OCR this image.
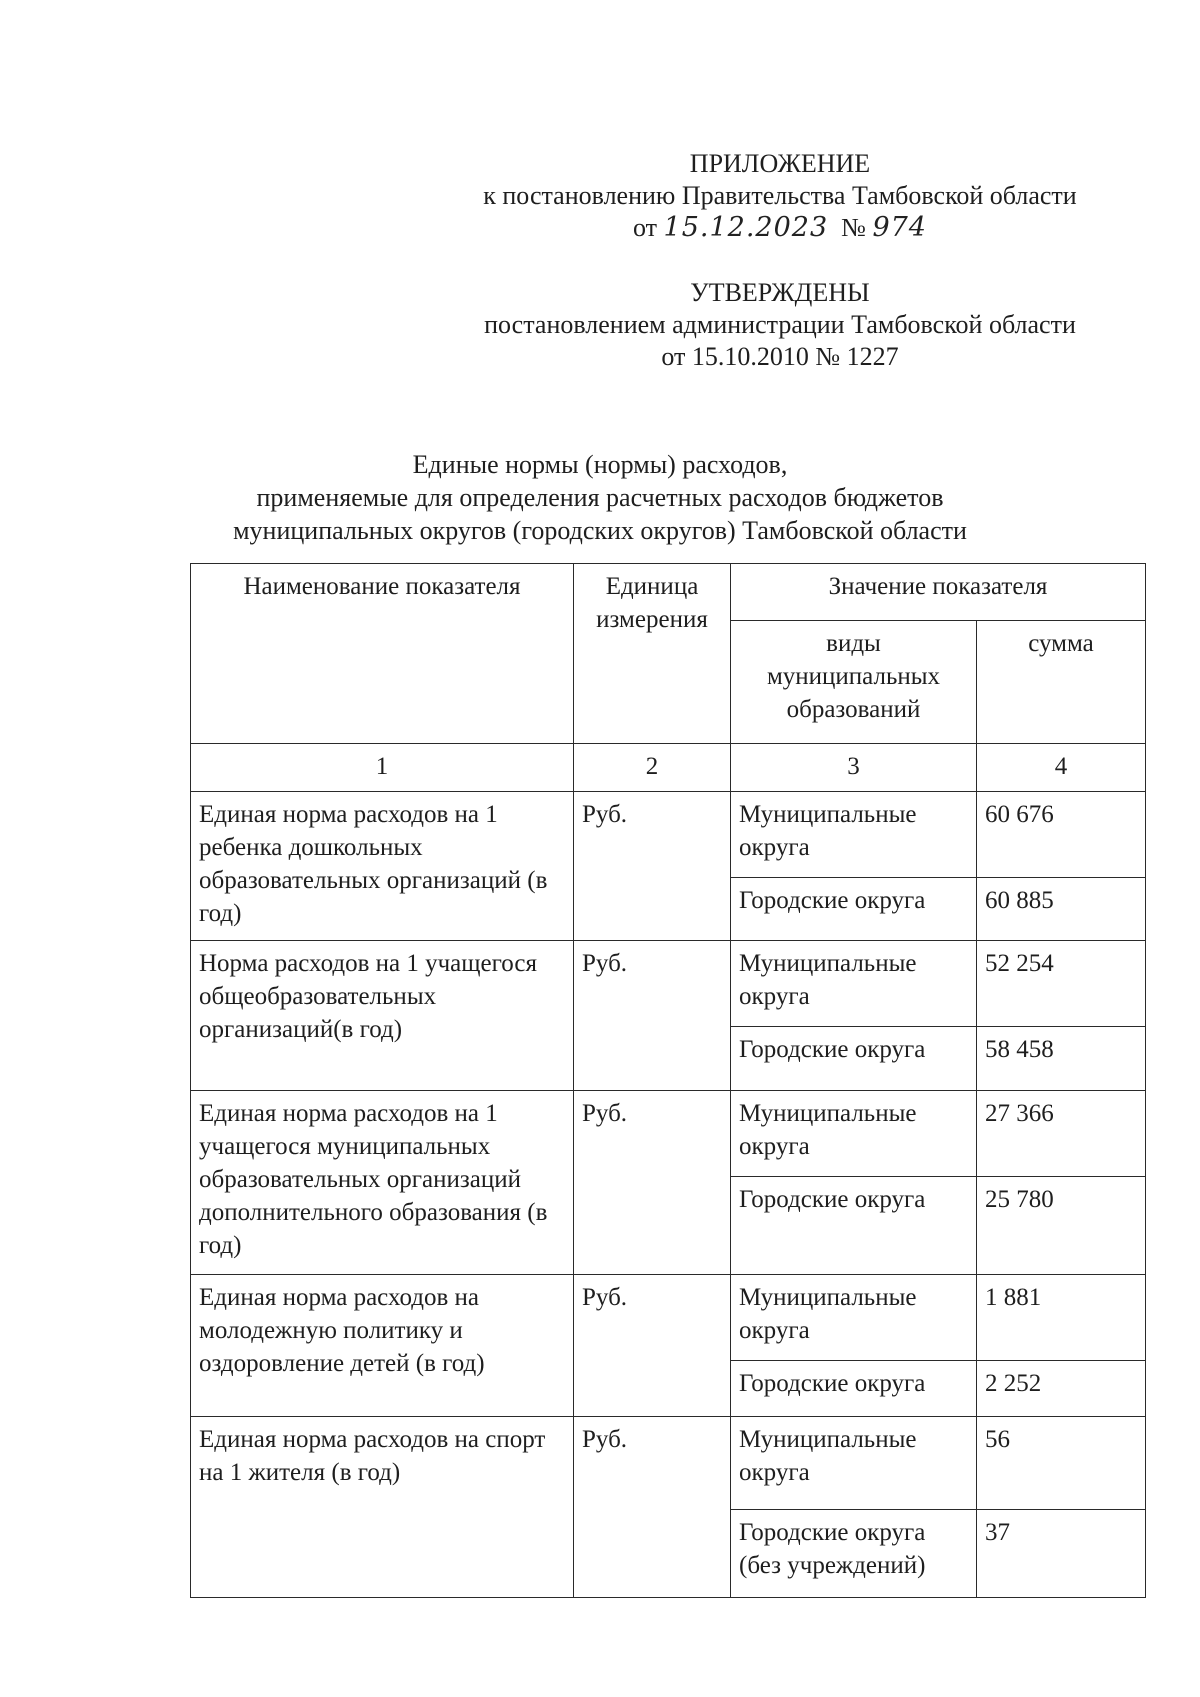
ПРИЛОЖЕНИЕ
к постановлению Правительства Тамбовской области
от 15.12.2023 № 974
УТВЕРЖДЕНЫ
постановлением администрации Тамбовской области
от 15.10.2010 № 1227
Единые нормы (нормы) расходов,
применяемые для определения расчетных расходов бюджетов
муниципальных округов (городских округов) Тамбовской области
Наименование показателя	Единица измерения	Значение показателя	
		виды муниципальных образований	сумма
1	2	3	4
Единая норма расходов на 1 ребенка дошкольных образовательных организаций (в год)	Руб.	Муниципальные округа	60 676
		Городские округа	60 885
Норма расходов на 1 учащегося общеобразовательных организаций(в год)	Руб.	Муниципальные округа	52 254
		Городские округа	58 458
Единая норма расходов на 1 учащегося муниципальных образовательных организаций дополнительного образования (в год)	Руб.	Муниципальные округа	27 366
		Городские округа	25 780
Единая норма расходов на молодежную политику и оздоровление детей (в год)	Руб.	Муниципальные округа	1 881
		Городские округа	2 252
Единая норма расходов на спорт на 1 жителя (в год)	Руб.	Муниципальные округа	56
		Городские округа (без учреждений)	37
